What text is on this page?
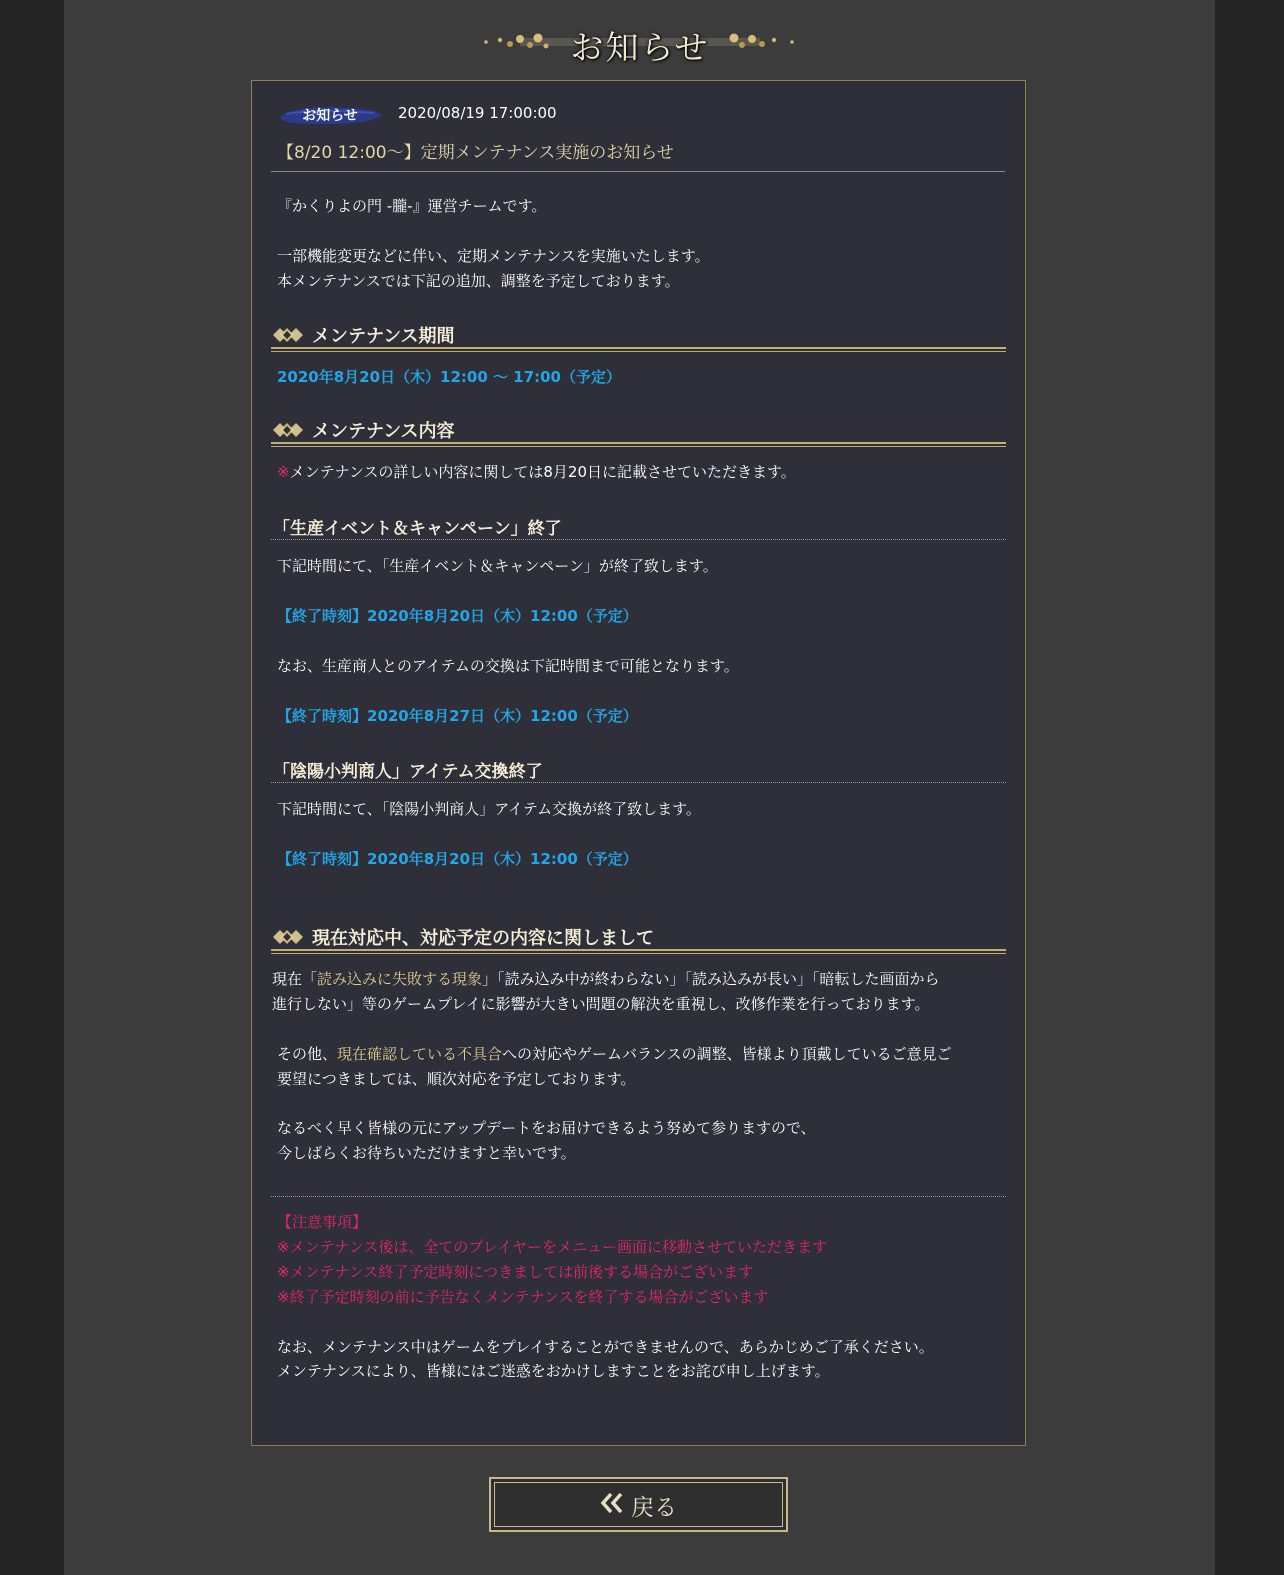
お知らせ
お知らせ	2020/08/19 17:00:00
【8/20 12:00～】定期メンテナンス実施のお知らせ
『かくりよの門 -朧-』運営チームです。
一部機能変更などに伴い、定期メンテナンスを実施いたします。
本メンテナンスでは下記の追加、調整を予定しております。
メンテナンス期間
2020年8月20日（木）12:00 ～ 17:00（予定）
メンテナンス内容
※メンテナンスの詳しい内容に関しては8月20日に記載させていただきます。
「生産イベント＆キャンペーン」終了
下記時間にて、「生産イベント＆キャンペーン」が終了致します。
【終了時刻】2020年8月20日（木）12:00（予定）
なお、生産商人とのアイテムの交換は下記時間まで可能となります。
【終了時刻】2020年8月27日（木）12:00（予定）
「陰陽小判商人」アイテム交換終了
下記時間にて、「陰陽小判商人」アイテム交換が終了致します。
【終了時刻】2020年8月20日（木）12:00（予定）
現在対応中、対応予定の内容に関しまして
現在「読み込みに失敗する現象」「読み込み中が終わらない」「読み込みが長い」「暗転した画面から
進行しない」等のゲームプレイに影響が大きい問題の解決を重視し、改修作業を行っております。
その他、現在確認している不具合への対応やゲームバランスの調整、皆様より頂戴しているご意見ご
要望につきましては、順次対応を予定しております。
なるべく早く皆様の元にアップデートをお届けできるよう努めて参りますので、
今しばらくお待ちいただけますと幸いです。
【注意事項】
※メンテナンス後は、全てのプレイヤーをメニュー画面に移動させていただきます
※メンテナンス終了予定時刻につきましては前後する場合がございます
※終了予定時刻の前に予告なくメンテナンスを終了する場合がございます
なお、メンテナンス中はゲームをプレイすることができませんので、あらかじめご了承ください。
メンテナンスにより、皆様にはご迷惑をおかけしますことをお詫び申し上げます。
戻る
